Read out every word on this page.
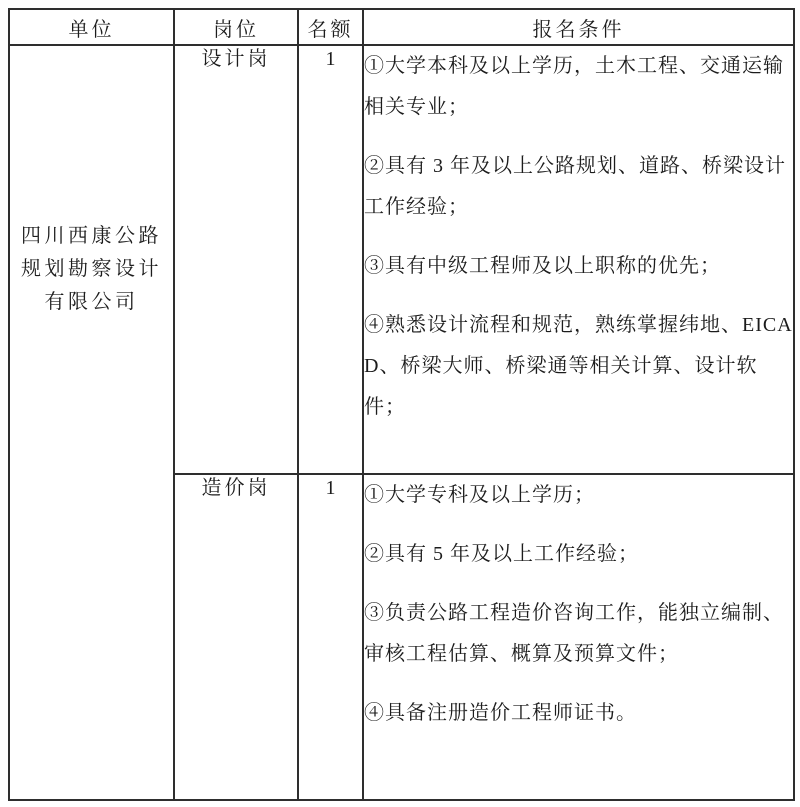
单位	岗位	名额	报名条件

四川西康公路规划勘察设计有限公司	设计岗	1	①大学本科及以上学历，土木工程、交通运输相关专业；

②具有 3 年及以上公路规划、道路、桥梁设计工作经验；

③具有中级工程师及以上职称的优先；

④熟悉设计流程和规范，熟练掌握纬地、EICAD、桥梁大师、桥梁通等相关计算、设计软件；

	造价岗	1	①大学专科及以上学历；

②具有 5 年及以上工作经验；

③负责公路工程造价咨询工作，能独立编制、审核工程估算、概算及预算文件；

④具备注册造价工程师证书。
